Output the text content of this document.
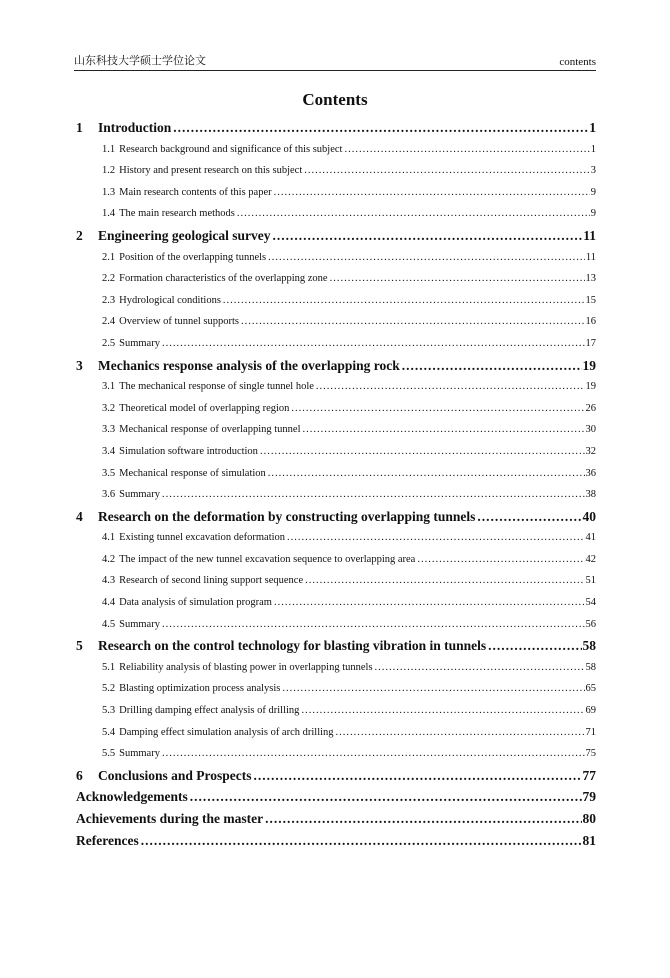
山东科技大学硕士学位论文	contents
Contents
1	Introduction .....	1
1.1 Research background and significance of this subject .....	1
1.2 History and present research on this subject .....	3
1.3 Main research contents of this paper .....	9
1.4 The main research methods .....	9
2	Engineering geological survey .....	11
2.1 Position of the overlapping tunnels .....	11
2.2 Formation characteristics of the overlapping zone .....	13
2.3 Hydrological conditions .....	15
2.4 Overview of tunnel supports .....	16
2.5 Summary .....	17
3	Mechanics response analysis of the overlapping rock .....	19
3.1 The mechanical response of single tunnel hole .....	19
3.2 Theoretical model of overlapping region .....	26
3.3 Mechanical response of overlapping tunnel .....	30
3.4 Simulation software introduction .....	32
3.5 Mechanical response of simulation .....	36
3.6 Summary .....	38
4	Research on the deformation by constructing overlapping tunnels .....	40
4.1 Existing tunnel excavation deformation .....	41
4.2 The impact of the new tunnel excavation sequence to overlapping area .....	42
4.3 Research of second lining support sequence .....	51
4.4 Data analysis of simulation program .....	54
4.5 Summary .....	56
5	Research on the control technology for blasting vibration in tunnels .....	58
5.1 Reliability analysis of blasting power in overlapping tunnels .....	58
5.2 Blasting optimization process analysis .....	65
5.3 Drilling damping effect analysis of drilling .....	69
5.4 Damping effect simulation analysis of arch drilling .....	71
5.5 Summary .....	75
6	Conclusions and Prospects .....	77
Acknowledgements .....	79
Achievements during the master .....	80
References .....	81
